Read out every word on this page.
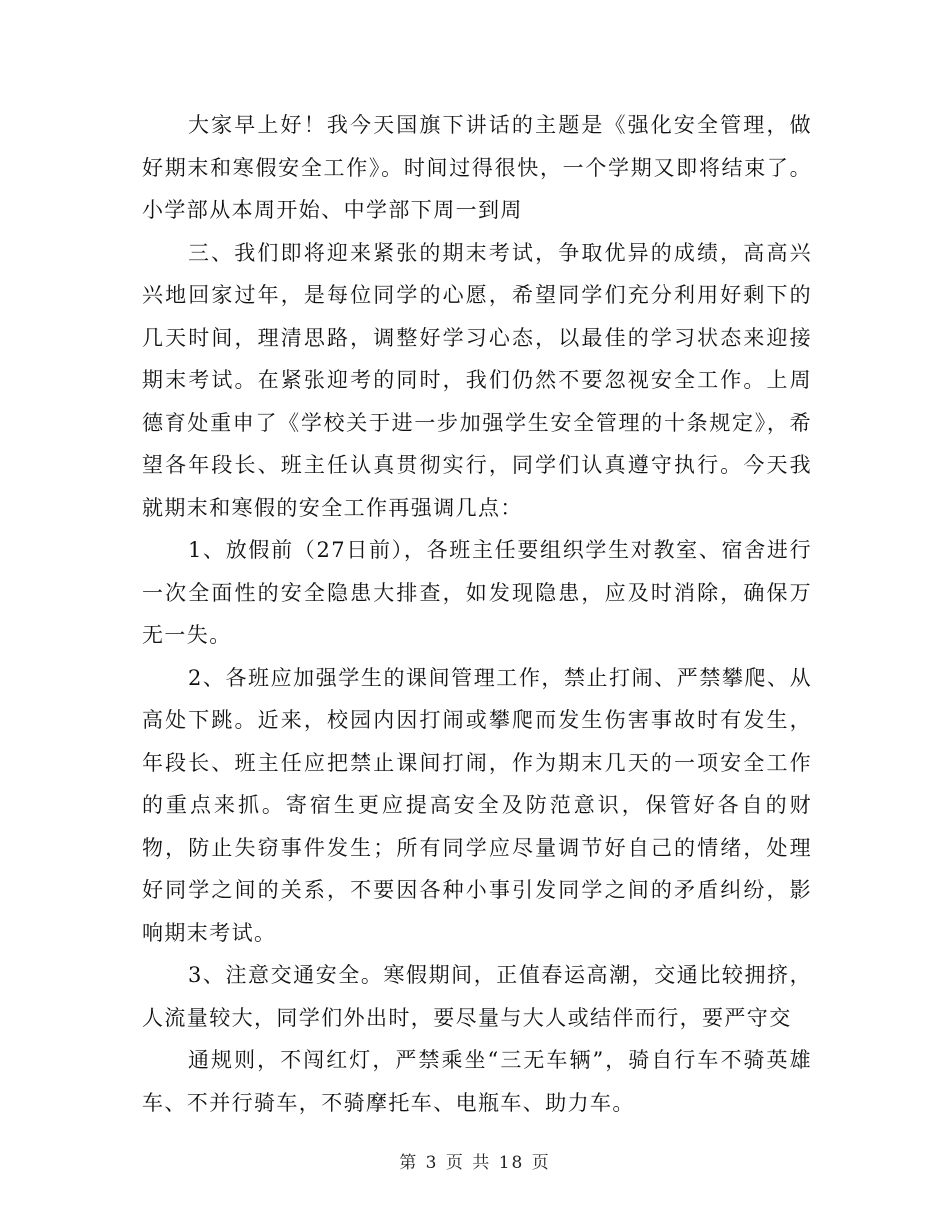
大家早上好！我今天国旗下讲话的主题是《强化安全管理，做好期末和寒假安全工作》。时间过得很快，一个学期又即将结束了。小学部从本周开始、中学部下周一到周

三、我们即将迎来紧张的期末考试，争取优异的成绩，高高兴兴地回家过年，是每位同学的心愿，希望同学们充分利用好剩下的几天时间，理清思路，调整好学习心态，以最佳的学习状态来迎接期末考试。在紧张迎考的同时，我们仍然不要忽视安全工作。上周德育处重申了《学校关于进一步加强学生安全管理的十条规定》，希望各年段长、班主任认真贯彻实行，同学们认真遵守执行。今天我就期末和寒假的安全工作再强调几点：

1、放假前（27日前），各班主任要组织学生对教室、宿舍进行一次全面性的安全隐患大排查，如发现隐患，应及时消除，确保万无一失。

2、各班应加强学生的课间管理工作，禁止打闹、严禁攀爬、从高处下跳。近来，校园内因打闹或攀爬而发生伤害事故时有发生，年段长、班主任应把禁止课间打闹，作为期末几天的一项安全工作的重点来抓。寄宿生更应提高安全及防范意识，保管好各自的财物，防止失窃事件发生；所有同学应尽量调节好自己的情绪，处理好同学之间的关系，不要因各种小事引发同学之间的矛盾纠纷，影响期末考试。

3、注意交通安全。寒假期间，正值春运高潮，交通比较拥挤，人流量较大，同学们外出时，要尽量与大人或结伴而行，要严守交

通规则，不闯红灯，严禁乘坐“三无车辆”，骑自行车不骑英雄车、不并行骑车，不骑摩托车、电瓶车、助力车。

第 3 页 共 18 页
